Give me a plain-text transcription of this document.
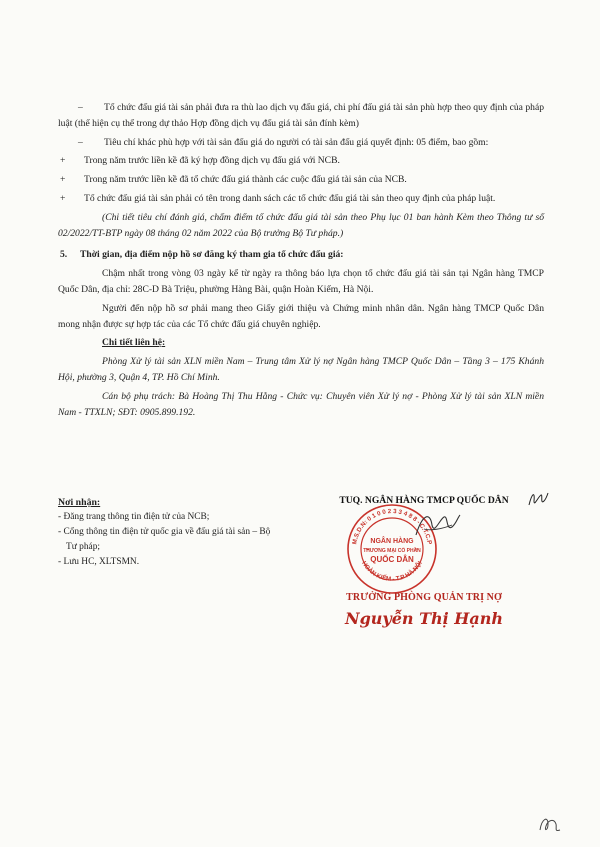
– Tổ chức đấu giá tài sản phải đưa ra thù lao dịch vụ đấu giá, chi phí đấu giá tài sản phù hợp theo quy định của pháp luật (thể hiện cụ thể trong dự thảo Hợp đồng dịch vụ đấu giá tài sản đính kèm)

– Tiêu chí khác phù hợp với tài sản đấu giá do người có tài sản đấu giá quyết định: 05 điểm, bao gồm:

+ Trong năm trước liền kề đã ký hợp đồng dịch vụ đấu giá với NCB.

+ Trong năm trước liền kề đã tổ chức đấu giá thành các cuộc đấu giá tài sản của NCB.

+ Tổ chức đấu giá tài sản phải có tên trong danh sách các tổ chức đấu giá tài sản theo quy định của pháp luật.

(Chi tiết tiêu chí đánh giá, chấm điểm tổ chức đấu giá tài sản theo Phụ lục 01 ban hành Kèm theo Thông tư số 02/2022/TT-BTP ngày 08 tháng 02 năm 2022 của Bộ trưởng Bộ Tư pháp.)

5. Thời gian, địa điểm nộp hồ sơ đăng ký tham gia tổ chức đấu giá:

Chậm nhất trong vòng 03 ngày kể từ ngày ra thông báo lựa chọn tổ chức đấu giá tài sản tại Ngân hàng TMCP Quốc Dân, địa chỉ: 28C-D Bà Triệu, phường Hàng Bài, quận Hoàn Kiếm, Hà Nội.

Người đến nộp hồ sơ phải mang theo Giấy giới thiệu và Chứng minh nhân dân. Ngân hàng TMCP Quốc Dân mong nhận được sự hợp tác của các Tổ chức đấu giá chuyên nghiệp.

Chi tiết liên hệ:

Phòng Xử lý tài sản XLN miền Nam – Trung tâm Xử lý nợ Ngân hàng TMCP Quốc Dân – Tầng 3 – 175 Khánh Hội, phường 3, Quận 4, TP. Hồ Chí Minh.

Cán bộ phụ trách: Bà Hoàng Thị Thu Hằng - Chức vụ: Chuyên viên Xử lý nợ - Phòng Xử lý tài sản XLN miền Nam - TTXLN; SĐT: 0905.899.192.

Nơi nhận:
- Đăng trang thông tin điện tử của NCB;
- Cổng thông tin điện tử quốc gia về đấu giá tài sản – Bộ Tư pháp;
- Lưu HC, XLTSMN.
TUQ. NGÂN HÀNG TMCP QUỐC DÂN
M.S.D.N: 0 1 0 0 2 3 3 4 8 8 - C.T.C.P
HOÀN KIẾM - T.P HÀ NỘI
NGÂN HÀNG
THƯƠNG MẠI CỔ PHẦN
QUỐC DÂN
TRƯỞNG PHÒNG QUẢN TRỊ NỢ
Nguyễn Thị Hạnh
